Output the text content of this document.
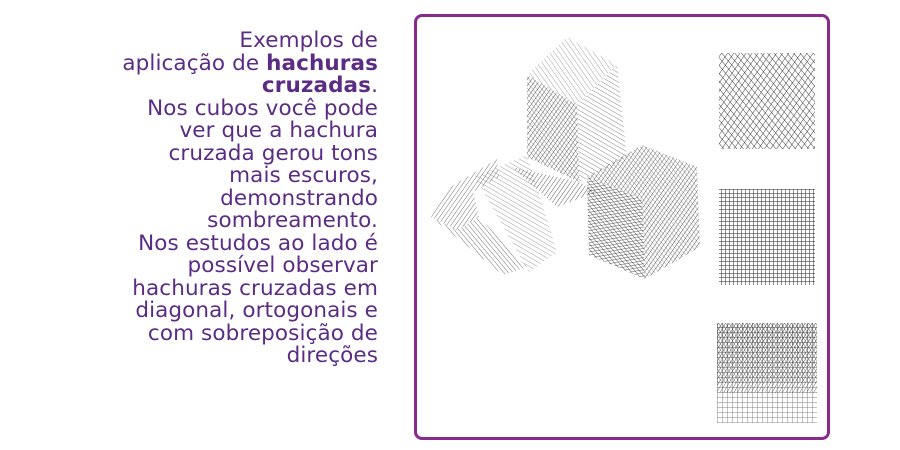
Exemplos de
aplicação de hachuras
cruzadas.
Nos cubos você pode
ver que a hachura
cruzada gerou tons
mais escuros,
demonstrando
sombreamento.
Nos estudos ao lado é
possível observar
hachuras cruzadas em
diagonal, ortogonais e
com sobreposição de
direções
